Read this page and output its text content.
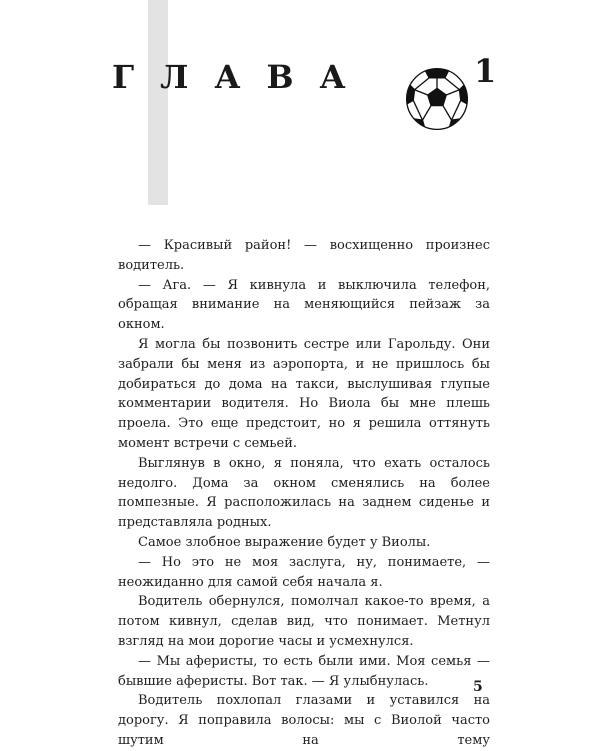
ГЛАВА	1

— Красивый район! — восхищенно произнес водитель.

— Ага. — Я кивнула и выключила телефон, обращая внимание на меняющийся пейзаж за окном.

Я могла бы позвонить сестре или Гарольду. Они забрали бы меня из аэропорта, и не пришлось бы добираться до дома на такси, выслушивая глупые комментарии водителя. Но Виола бы мне плешь проела. Это еще предстоит, но я решила оттянуть момент встречи с семьей.

Выглянув в окно, я поняла, что ехать осталось недолго. Дома за окном сменялись на более помпезные. Я расположилась на заднем сиденье и представляла родных.

Самое злобное выражение будет у Виолы.

— Но это не моя заслуга, ну, понимаете, — неожиданно для самой себя начала я.

Водитель обернулся, помолчал какое-то время, а потом кивнул, сделав вид, что понимает. Метнул взгляд на мои дорогие часы и усмехнулся.

— Мы аферисты, то есть были ими. Моя семья — бывшие аферисты. Вот так. — Я улыбнулась.

Водитель похлопал глазами и уставился на дорогу. Я поправила волосы: мы с Виолой часто шутим на тему

5
